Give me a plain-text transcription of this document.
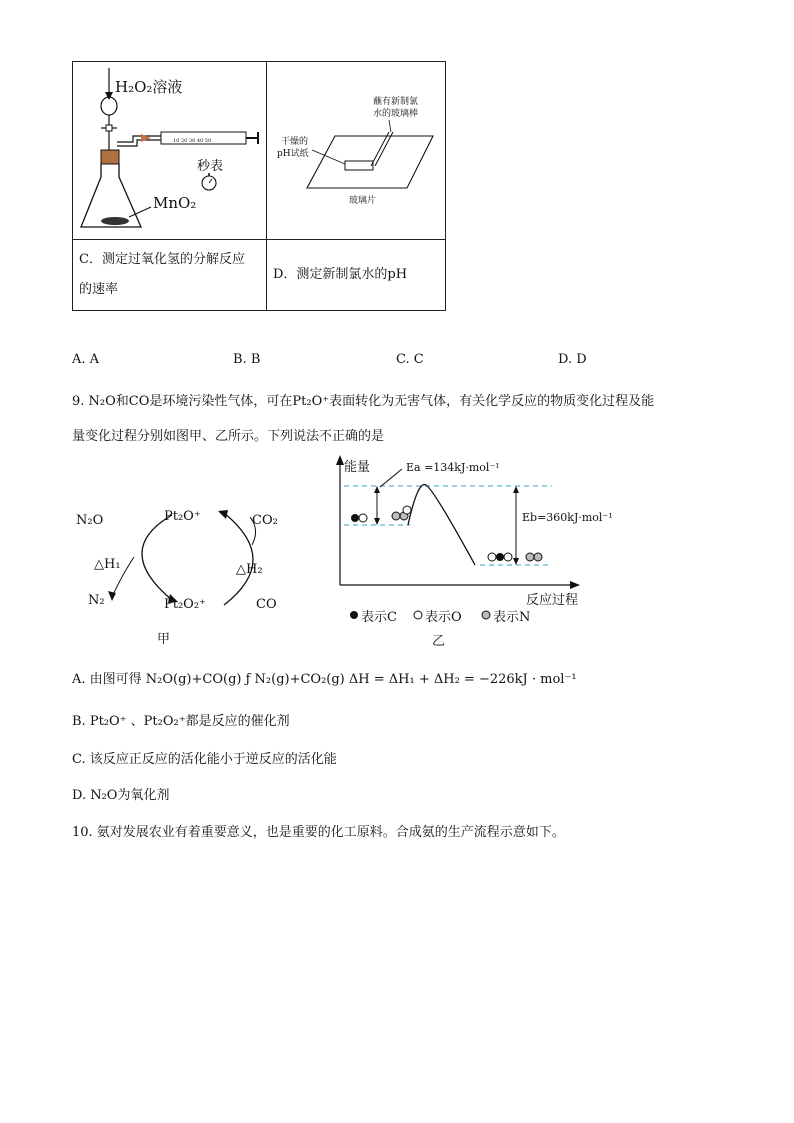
10 20 30 40 50
H₂O₂溶液
秒表
MnO₂	蘸有新制氯
水的玻璃棒
干燥的
pH试纸
玻璃片

C．测定过氧化氢的分解反应
的速率	D．测定新制氯水的pH
A. A	B. B	C. C	D. D
9. N₂O和CO是环境污染性气体，可在Pt₂O⁺表面转化为无害气体，有关化学反应的物质变化过程及能
量变化过程分别如图甲、乙所示。下列说法不正确的是
N₂O	Pt₂O⁺	CO₂
△H₁	△H₂
N₂	Pt₂O₂⁺	CO
甲
能量	Ea =134kJ·mol⁻¹
Eb=360kJ·mol⁻¹
反应过程
表示C 表示O 表示N
乙
A. 由图可得 N₂O(g)+CO(g) ƒ N₂(g)+CO₂(g) ΔH = ΔH₁ + ΔH₂ = −226kJ · mol⁻¹
B. Pt₂O⁺ 、Pt₂O₂⁺都是反应的催化剂
C. 该反应正反应的活化能小于逆反应的活化能
D. N₂O为氧化剂
10. 氨对发展农业有着重要意义，也是重要的化工原料。合成氨的生产流程示意如下。
